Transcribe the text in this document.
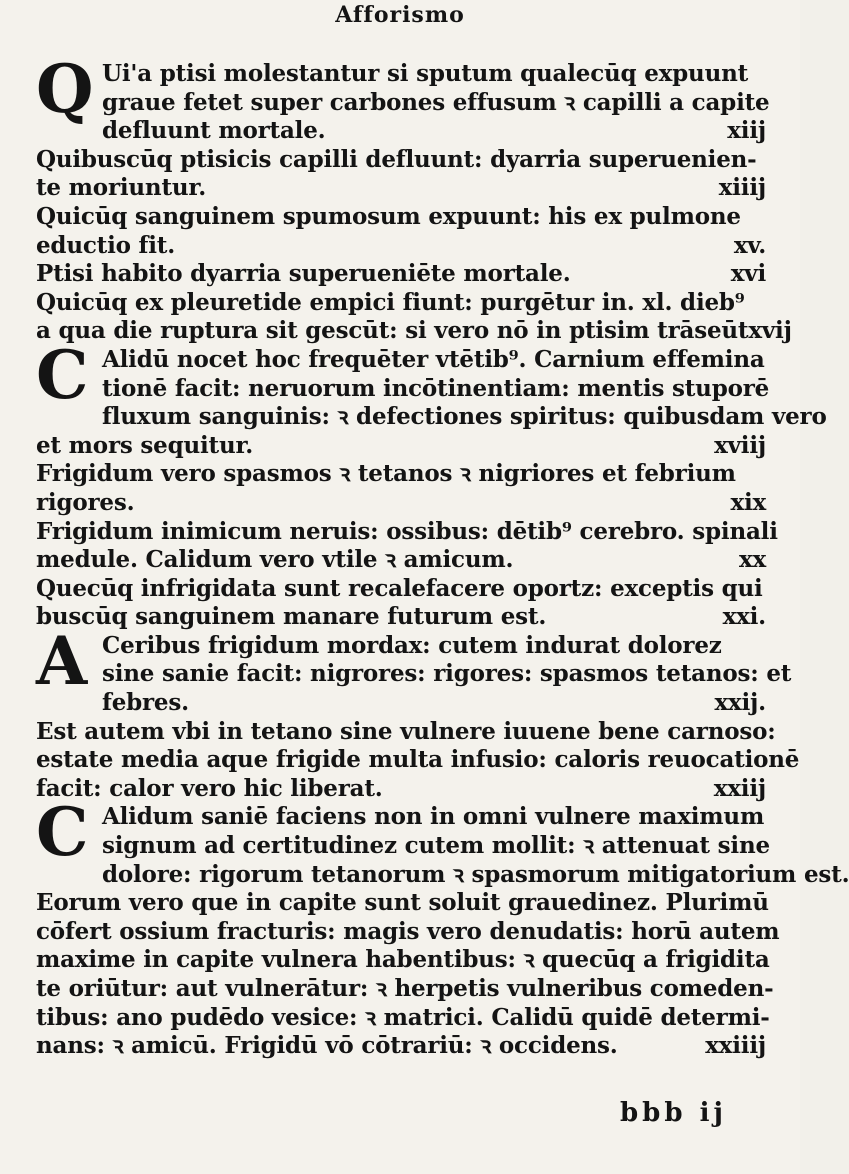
Afforismo
Q Ui'a ptisi molestantur si sputum qualecūq expuunt
graue fetet super carbones effusum ꝛ capilli a capite
defluunt mortale.	xiij
Quibuscūq ptisicis capilli defluunt: dyarria superuenien-
te moriuntur.	xiiij
Quicūq sanguinem spumosum expuunt: his ex pulmone
eductio fit.	xv.
Ptisi habito dyarria superueniēte mortale.	xvi
Quicūq ex pleuretide empici fiunt: purgētur in. xl. dieb⁹
a qua die ruptura sit gescūt: si vero nō in ptisim trāseūt xvij
C Alidū nocet hoc frequēter vtētib⁹. Carnium effemina
tionē facit: neruorum incōtinentiam: mentis stuporē
fluxum sanguinis: ꝛ defectiones spiritus: quibusdam vero
et mors sequitur.	xviij
Frigidum vero spasmos ꝛ tetanos ꝛ nigriores et febrium
rigores.	xix
Frigidum inimicum neruis: ossibus: dētib⁹ cerebro. spinali
medule. Calidum vero vtile ꝛ amicum.	xx
Quecūq infrigidata sunt recalefacere oportz: exceptis qui
buscūq sanguinem manare futurum est.	xxi.
A Ceribus frigidum mordax: cutem indurat dolorez
sine sanie facit: nigrores: rigores: spasmos tetanos: et
febres.	xxij.
Est autem vbi in tetano sine vulnere iuuene bene carnoso:
estate media aque frigide multa infusio: caloris reuocationē
facit: calor vero hic liberat.	xxiij
C Alidum saniē faciens non in omni vulnere maximum
signum ad certitudinez cutem mollit: ꝛ attenuat sine
dolore: rigorum tetanorum ꝛ spasmorum mitigatorium est.
Eorum vero que in capite sunt soluit grauedinez. Plurimū
cōfert ossium fracturis: magis vero denudatis: horū autem
maxime in capite vulnera habentibus: ꝛ quecūq a frigidita
te oriūtur: aut vulnerātur: ꝛ herpetis vulneribus comeden-
tibus: ano pudēdo vesice: ꝛ matrici. Calidū quidē determi-
nans: ꝛ amicū. Frigidū vō cōtrariū: ꝛ occidens.	xxiiij
bbb ij
